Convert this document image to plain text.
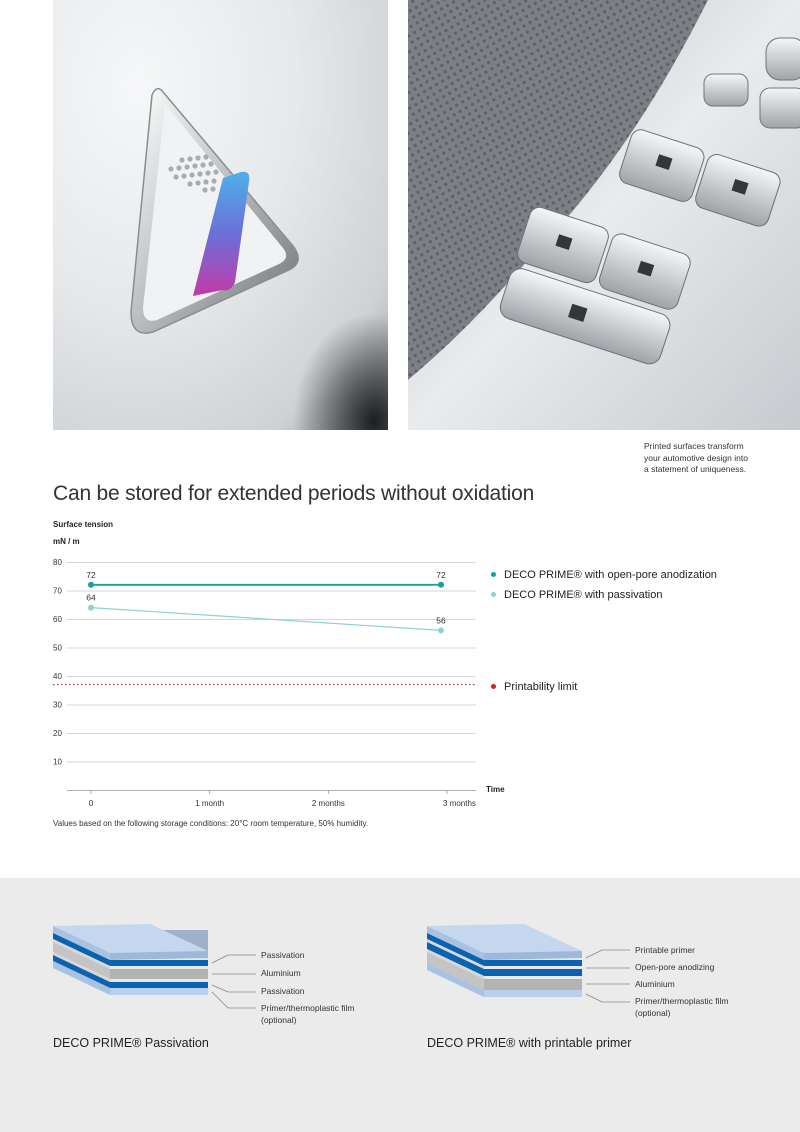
Printed surfaces transform
your automotive design into
a statement of uniqueness.
Can be stored for extended periods without oxidation
Surface tension
mN / m
10
20
30
40
50
60
70
80
0	1 month	2 months	3 months
72	72
64
56
Time
DECO PRIME® with open-pore anodization
DECO PRIME® with passivation
Printability limit
Values based on the following storage conditions: 20°C room temperature, 50% humidity.
Passivation
Aluminium
Passivation
Primer/thermoplastic film
(optional)
DECO PRIME® Passivation
Printable primer
Open-pore anodizing
Aluminium
Primer/thermoplastic film
(optional)
DECO PRIME® with printable primer
